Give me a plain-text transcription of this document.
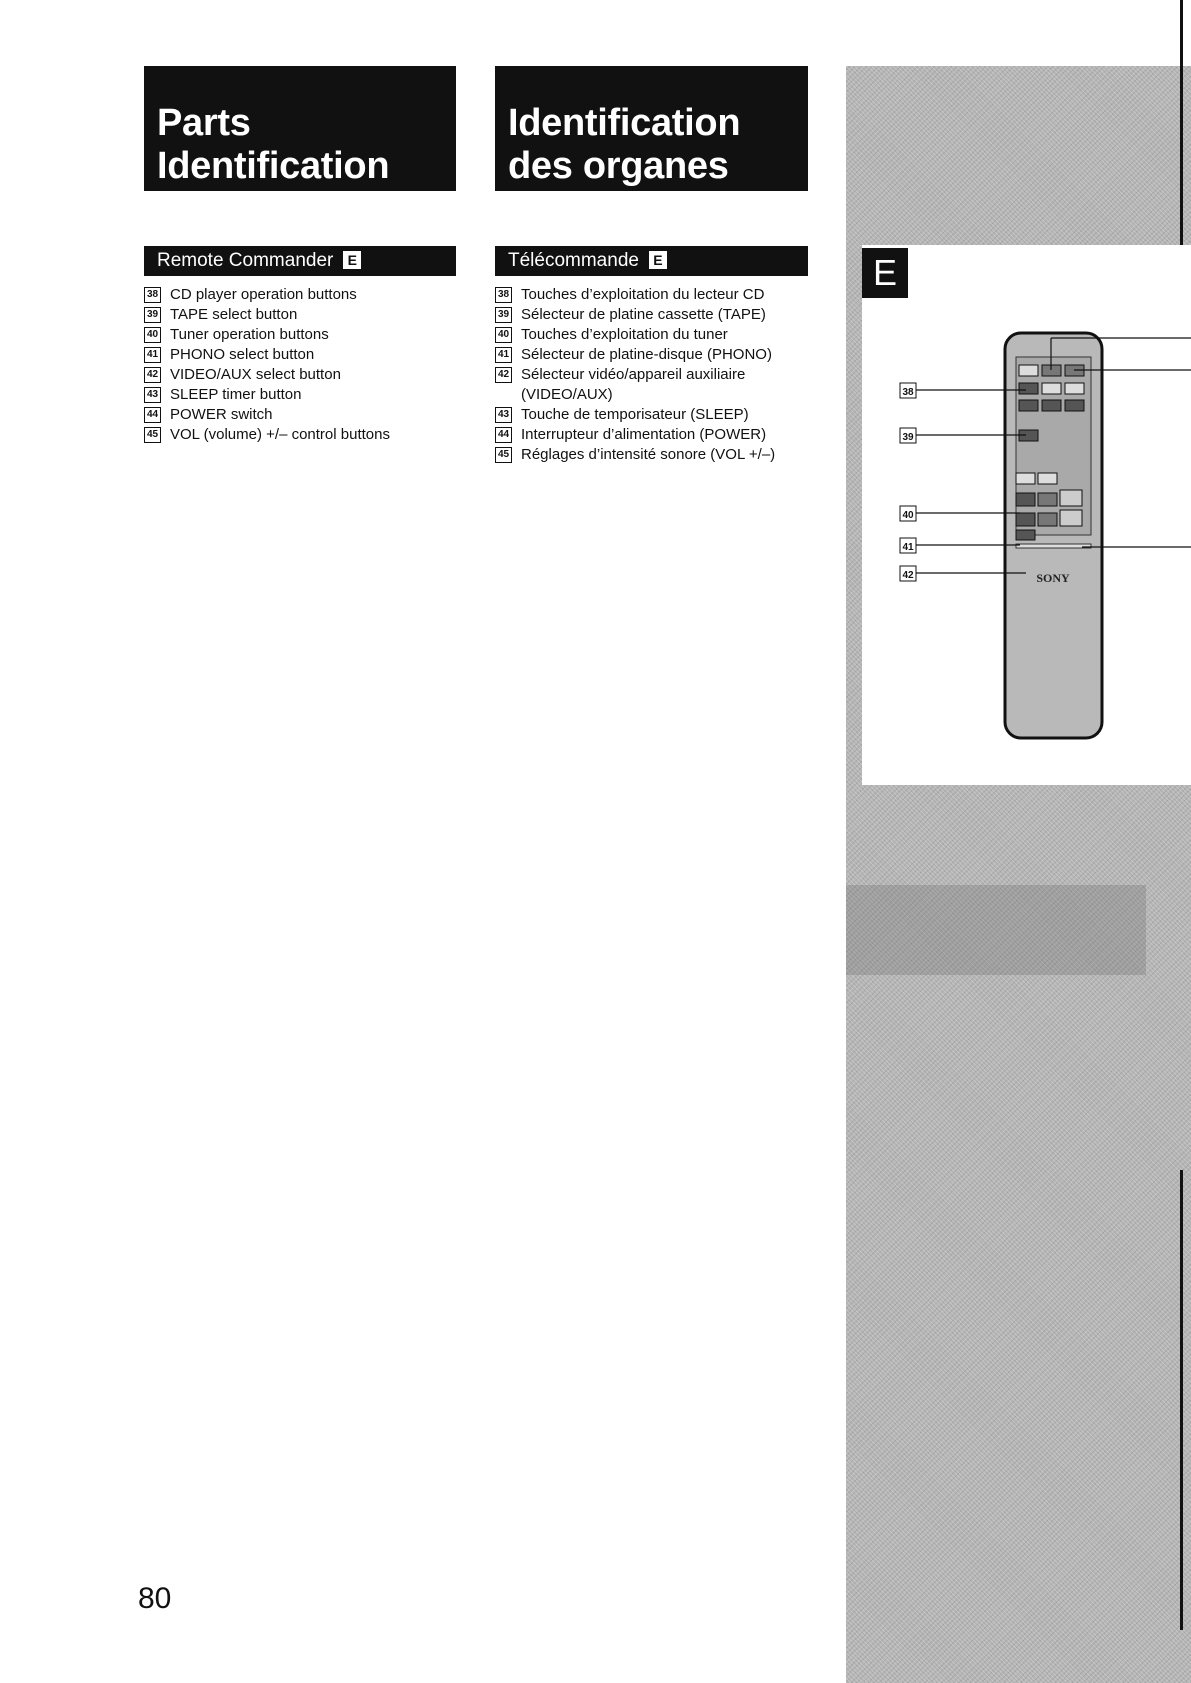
Parts
Identification
Remote Commander E
38 CD player operation buttons
39 TAPE select button
40 Tuner operation buttons
41 PHONO select button
42 VIDEO/AUX select button
43 SLEEP timer button
44 POWER switch
45 VOL (volume) +/– control buttons
Identification
des organes
Télécommande E
38 Touches d’exploitation du lecteur CD
39 Sélecteur de platine cassette (TAPE)
40 Touches d’exploitation du tuner
41 Sélecteur de platine-disque (PHONO)
42 Sélecteur vidéo/appareil auxiliaire
(VIDEO/AUX)
43 Touche de temporisateur (SLEEP)
44 Interrupteur d’alimentation (POWER)
45 Réglages d’intensité sonore (VOL +/–)
E
SONY
38
39
40
41
42
80
